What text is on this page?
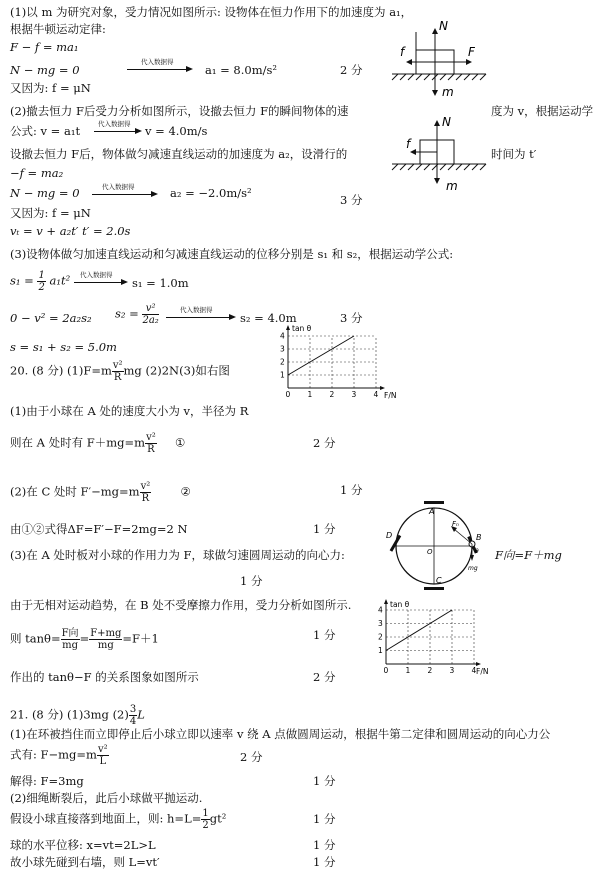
(1)以 m 为研究对象，受力情况如图所示: 设物体在恒力作用下的加速度为 a₁，
根据牛顿运动定律:
F − f = ma₁
N − mg = 0
代入数据得
a₁ = 8.0m/s²	2 分
又因为: f = μN
N
f	F
m
(2)撤去恒力 F后受力分析如图所示，设撤去恒力 F的瞬间物体的速	度为 v，根据运动学
公式: v = a₁t	代入数据得 v = 4.0m/s
设撤去恒力 F后，物体做匀减速直线运动的加速度为 a₂，设滑行的	时间为 t′
−f = ma₂
N − mg = 0	代入数据得	a₂ = −2.0m/s²	3 分
又因为: f = μN
vₜ = v + a₂t′ t′ = 2.0s
N
f
m
(3)设物体做匀加速直线运动和匀减速直线运动的位移分别是 s₁ 和 s₂，根据运动学公式:
$s_1 = \frac{1}{2} a_1t^2$ 代入数据得
s₁ = 1.0m
0 − v² = 2a₂s₂ $s_2 = \frac{\text{v²}}{\text{2a₂}}$	代入数据得
s₂ = 4.0m	3 分
s = s₁ + s₂ = 5.0m
20. (8 分) $(1)F=m \frac{\text{v²}}{R}$ mg (2)2N(3)如右图
tan θ
F/N
0 1 2 3 4
1
2
3
4
(1)由于小球在 A 处的速度大小为 v，半径为 R
则在 A 处时有 $F+mg=m \frac{\text{v²}}{R}$ ①	2 分
(2)在 C 处时 $F'-mg=m \frac{\text{v²}}{R}$	②	1 分
由①②式得ΔF=F′−F=2mg=2 N	1 分
(3)在 A 处时板对小球的作用力为 F，球做匀速圆周运动的向心力:	F向=F＋mg
1 分
A
B
C
D
O
Fₙ
θ
mg
由于无相对运动趋势，在 B 处不受摩擦力作用，受力分析如图所示.
则 $\tan\theta= \frac{\text{F向}}{mg} = \frac{F+mg}{mg} =F+1$	1 分
tan θ
F/N
0 1 2 3 4
1
2
3
4
作出的 tanθ−F 的关系图象如图所示	2 分
21. (8 分) (1)3mg $(2) \frac{3}{4}$ L
(1)在环被挡住而立即停止后小球立即以速率 v 绕 A 点做圆周运动，根据牛第二定律和圆周运动的向心力公
式有: $F-mg=m \frac{\text{v²}}{L}$	2 分
解得: F=3mg	1 分
(2)细绳断裂后，此后小球做平抛运动.
假设小球直接落到地面上，则: $h=L= \frac{1}{2} gt^2$	1 分
球的水平位移: x=vt=2L>L	1 分
故小球先碰到右墙，则 L=vt′	1 分
